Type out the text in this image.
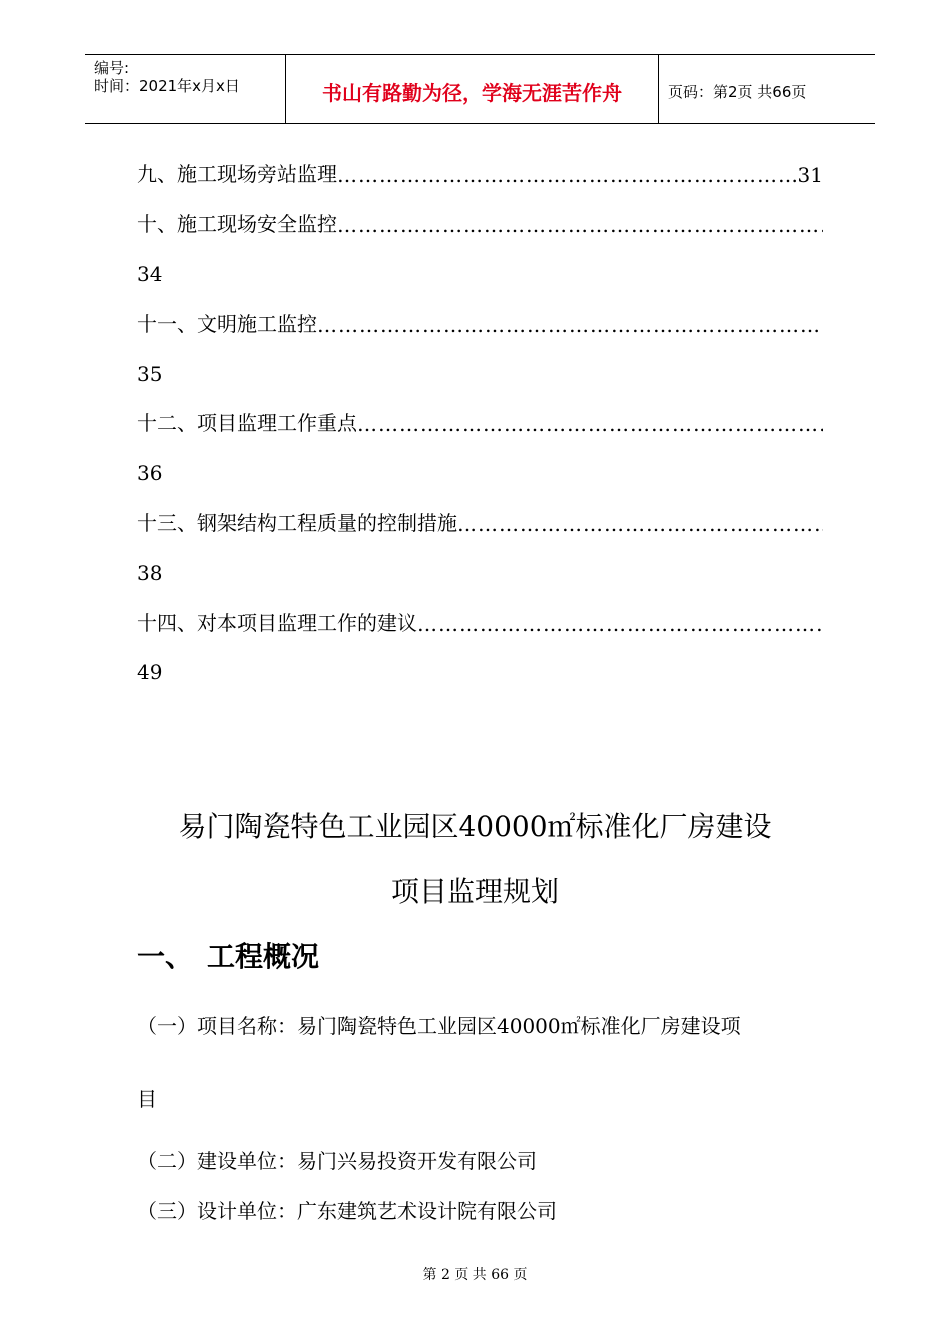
编号:
时间：2021年x月x日	书山有路勤为径，学海无涯苦作舟	页码：第2页 共66页
九、施工现场旁站监理
……………………………………………………………………………………………………………………………………	31
十、施工现场安全监控
……………………………………………………………………………………………………………………………………
34
十一、文明施工监控
……………………………………………………………………………………………………………………………………
35
十二、项目监理工作重点
……………………………………………………………………………………………………………………………………
36
十三、钢架结构工程质量的控制措施
……………………………………………………………………………………………………………………………………
38
十四、对本项目监理工作的建议
……………………………………………………………………………………………………………………………………
49
易门陶瓷特色工业园区40000㎡标准化厂房建设
项目监理规划
一、 工程概况
（一）项目名称：易门陶瓷特色工业园区40000㎡标准化厂房建设项
目
（二）建设单位：易门兴易投资开发有限公司
（三）设计单位：广东建筑艺术设计院有限公司
第 2 页 共 66 页
